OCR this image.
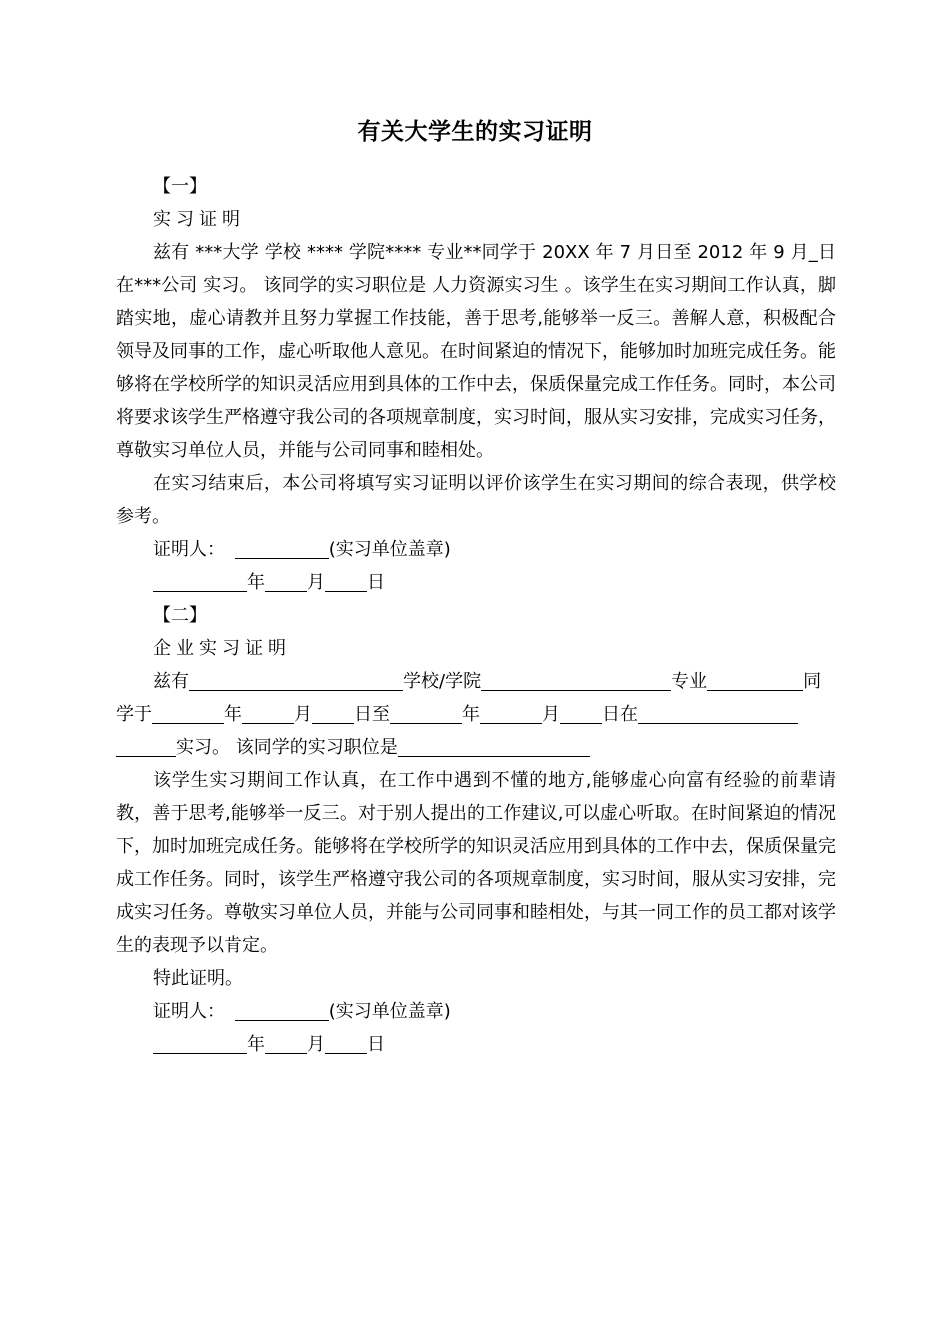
有关大学生的实习证明

【一】

实习证明

兹有 ***大学 学校 **** 学院**** 专业**同学于 20XX 年 7 月日至 2012 年 9 月_日在***公司 实习。 该同学的实习职位是 人力资源实习生 。该学生在实习期间工作认真，脚踏实地，虚心请教并且努力掌握工作技能，善于思考,能够举一反三。善解人意，积极配合领导及同事的工作，虚心听取他人意见。在时间紧迫的情况下，能够加时加班完成任务。能够将在学校所学的知识灵活应用到具体的工作中去，保质保量完成工作任务。同时，本公司将要求该学生严格遵守我公司的各项规章制度，实习时间，服从实习安排，完成实习任务，尊敬实习单位人员，并能与公司同事和睦相处。

在实习结束后，本公司将填写实习证明以评价该学生在实习期间的综合表现，供学校参考。

证明人：	(实习单位盖章)

年 月 日

【二】

企业实习证明

兹有	学校/学院	专业	同

学于	年	月 日至	年	月 日在

实习。 该同学的实习职位是

该学生实习期间工作认真，在工作中遇到不懂的地方,能够虚心向富有经验的前辈请教，善于思考,能够举一反三。对于别人提出的工作建议,可以虚心听取。在时间紧迫的情况下，加时加班完成任务。能够将在学校所学的知识灵活应用到具体的工作中去，保质保量完成工作任务。同时，该学生严格遵守我公司的各项规章制度，实习时间，服从实习安排，完成实习任务。尊敬实习单位人员，并能与公司同事和睦相处，与其一同工作的员工都对该学生的表现予以肯定。

特此证明。

证明人：	(实习单位盖章)

年 月 日
